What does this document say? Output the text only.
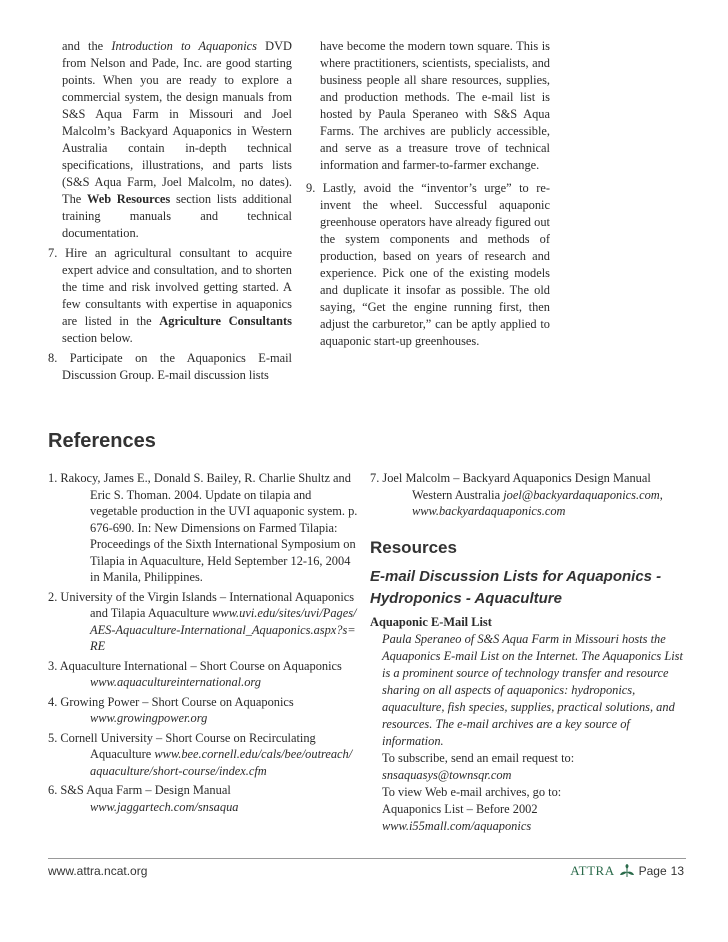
and the Introduction to Aquaponics DVD from Nelson and Pade, Inc. are good starting points. When you are ready to explore a commercial system, the design manuals from S&S Aqua Farm in Missouri and Joel Malcolm’s Backyard Aquaponics in Western Australia contain in-depth technical specifications, illustrations, and parts lists (S&S Aqua Farm, Joel Malcolm, no dates). The Web Resources section lists additional training manuals and technical documentation.

7. Hire an agricultural consultant to acquire expert advice and consultation, and to shorten the time and risk involved getting started. A few consultants with expertise in aquaponics are listed in the Agriculture Consultants section below.

8. Participate on the Aquaponics E-mail Discussion Group. E-mail discussion lists

have become the modern town square. This is where practitioners, scientists, specialists, and business people all share resources, supplies, and production methods. The e-mail list is hosted by Paula Speraneo with S&S Aqua Farms. The archives are publicly accessible, and serve as a treasure trove of technical information and farmer-to-farmer exchange.

9. Lastly, avoid the “inventor’s urge” to re-invent the wheel. Successful aquaponic greenhouse operators have already figured out the system components and methods of production, based on years of research and experience. Pick one of the existing models and duplicate it insofar as possible. The old saying, “Get the engine running first, then adjust the carburetor,” can be aptly applied to aquaponic start-up greenhouses.

References

1. Rakocy, James E., Donald S. Bailey, R. Charlie Shultz and Eric S. Thoman. 2004. Update on tilapia and vegetable production in the UVI aquaponic system. p. 676-690. In: New Dimensions on Farmed Tilapia: Proceedings of the Sixth International Symposium on Tilapia in Aquaculture, Held September 12-16, 2004 in Manila, Philippines.

2. University of the Virgin Islands – International Aquaponics and Tilapia Aquaculture www.uvi.edu/sites/uvi/Pages/AES-Aquaculture-International_Aquaponics.aspx?s=RE

3. Aquaculture International – Short Course on Aquaponics www.aquacultureinternational.org

4. Growing Power – Short Course on Aquaponics www.growingpower.org

5. Cornell University – Short Course on Recirculating Aquaculture www.bee.cornell.edu/cals/bee/outreach/aquaculture/short-course/index.cfm

6. S&S Aqua Farm – Design Manual www.jaggartech.com/snsaqua

7. Joel Malcolm – Backyard Aquaponics Design Manual Western Australia joel@backyardaquaponics.com, www.backyardaquaponics.com

Resources
E-mail Discussion Lists for Aquaponics - Hydroponics - Aquaculture

Aquaponic E-Mail List

Paula Speraneo of S&S Aqua Farm in Missouri hosts the Aquaponics E-mail List on the Internet. The Aquaponics List is a prominent source of technology transfer and resource sharing on all aspects of aquaponics: hydroponics, aquaculture, fish species, supplies, practical solutions, and resources. The e-mail archives are a key source of information.

To subscribe, send an email request to:

snsaquasys@townsqr.com

To view Web e-mail archives, go to:

Aquaponics List – Before 2002

www.i55mall.com/aquaponics

www.attra.ncat.org	ATTRA Page 13
